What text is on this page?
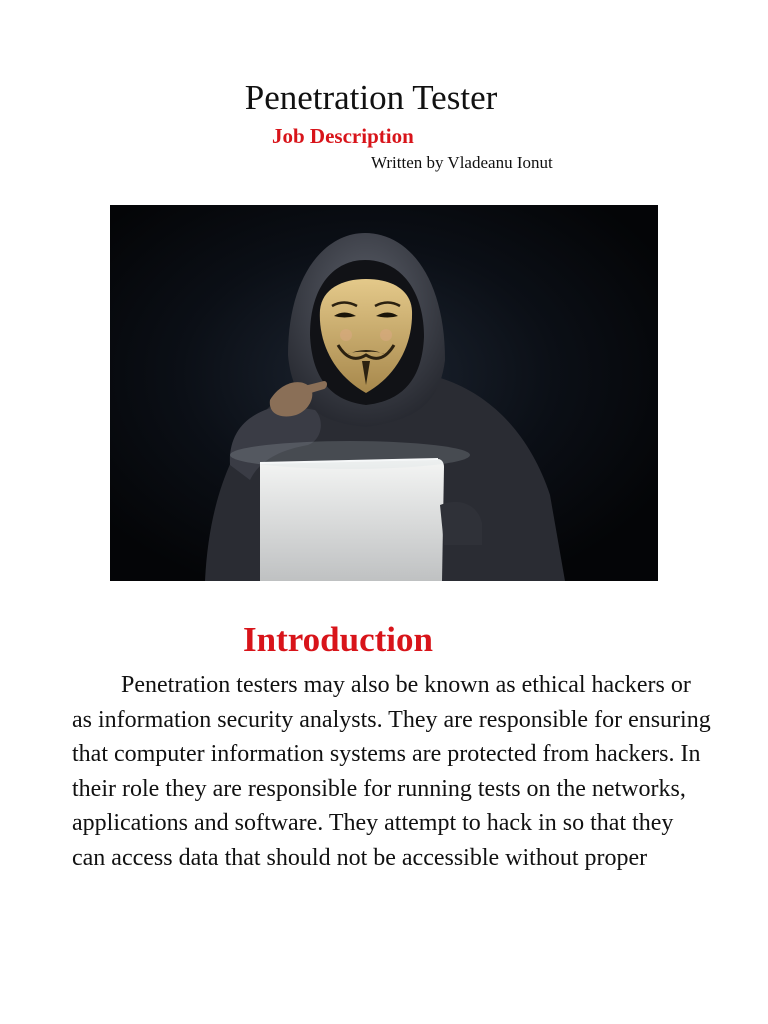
Penetration Tester
Job Description
Written by Vladeanu Ionut
Introduction

Penetration testers may also be known as ethical hackers or as information security analysts. They are responsible for ensuring that computer information systems are protected from hackers. In their role they are responsible for running tests on the networks, applications and software. They attempt to hack in so that they can access data that should not be accessible without proper
